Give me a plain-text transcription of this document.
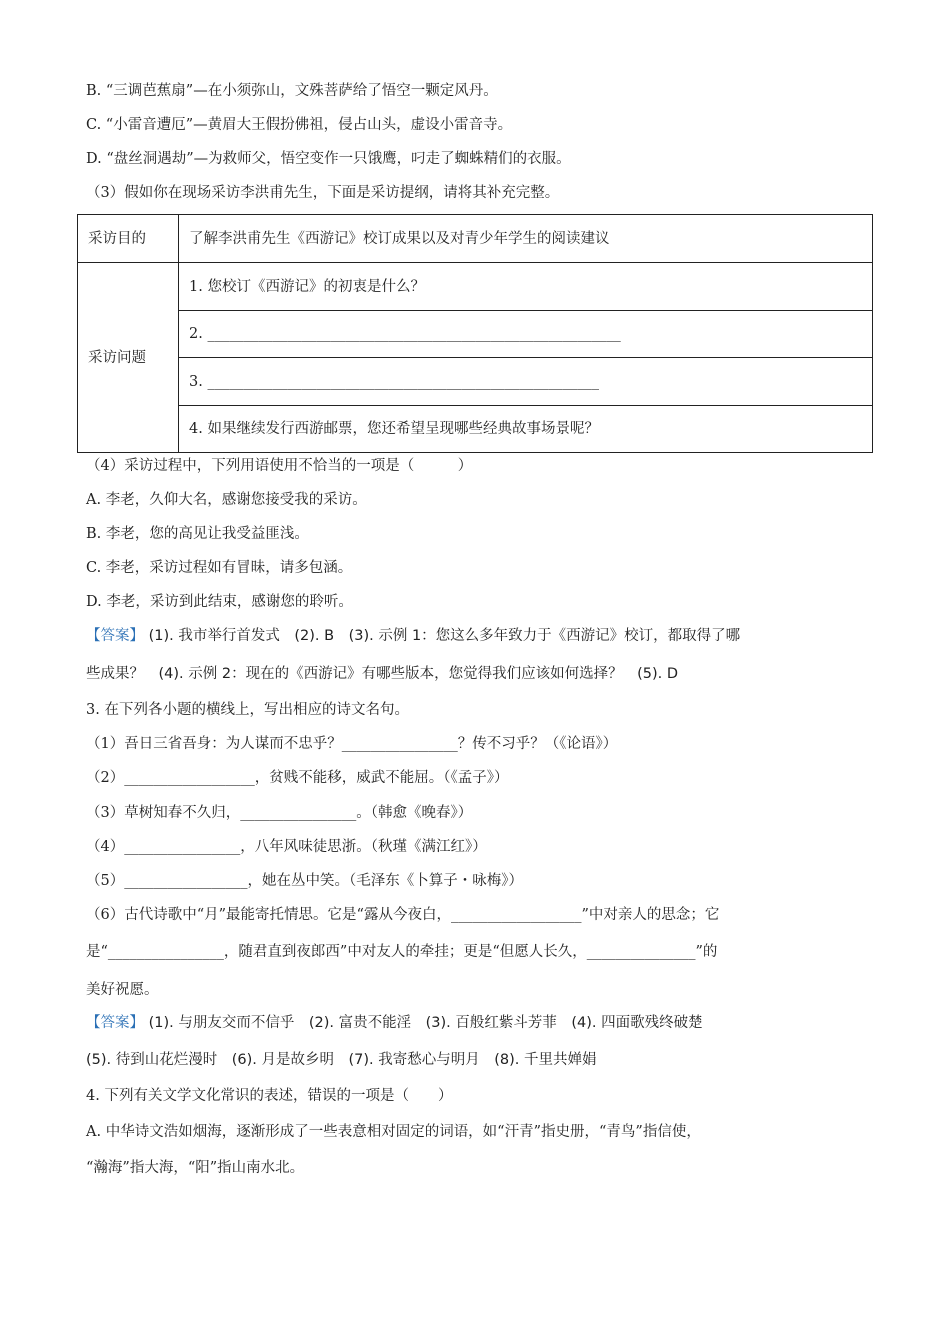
B. “三调芭蕉扇”—在小须弥山，文殊菩萨给了悟空一颗定风丹。
C. “小雷音遭厄”—黄眉大王假扮佛祖，侵占山头，虚设小雷音寺。
D. “盘丝洞遇劫”—为救师父，悟空变作一只饿鹰，叼走了蜘蛛精们的衣服。
（3）假如你在现场采访李洪甫先生，下面是采访提纲，请将其补充完整。
采访目的	了解李洪甫先生《西游记》校订成果以及对青少年学生的阅读建议
采访问题	1. 您校订《西游记》的初衷是什么？
	2. _________________________________________________________
	3. ______________________________________________________
	4. 如果继续发行西游邮票，您还希望呈现哪些经典故事场景呢？
（4）采访过程中，下列用语使用不恰当的一项是（　　　）
A. 李老，久仰大名，感谢您接受我的采访。
B. 李老，您的高见让我受益匪浅。
C. 李老，采访过程如有冒昧，请多包涵。
D. 李老，采访到此结束，感谢您的聆听。
【答案】 (1). 我市举行首发式　(2). B　(3). 示例 1：您这么多年致力于《西游记》校订，都取得了哪
些成果？　(4). 示例 2：现在的《西游记》有哪些版本，您觉得我们应该如何选择？　(5). D
3. 在下列各小题的横线上，写出相应的诗文名句。
（1）吾日三省吾身：为人谋而不忠乎？________________？传不习乎？（《论语》）
（2）__________________，贫贱不能移，威武不能屈。（《孟子》）
（3）草树知春不久归，________________。（韩愈《晚春》）
（4）________________，八年风味徒思浙。（秋瑾《满江红》）
（5）_________________，她在丛中笑。（毛泽东《卜算子・咏梅》）
（6）古代诗歌中“月”最能寄托情思。它是“露从今夜白，__________________”中对亲人的思念；它
是“________________，随君直到夜郎西”中对友人的牵挂；更是“但愿人长久，_______________”的
美好祝愿。
【答案】 (1). 与朋友交而不信乎　(2). 富贵不能淫　(3). 百般红紫斗芳菲　(4). 四面歌残终破楚
(5). 待到山花烂漫时　(6). 月是故乡明　(7). 我寄愁心与明月　(8). 千里共婵娟
4. 下列有关文学文化常识的表述，错误的一项是（　　）
A. 中华诗文浩如烟海，逐渐形成了一些表意相对固定的词语，如“汗青”指史册，“青鸟”指信使，
“瀚海”指大海，“阳”指山南水北。
